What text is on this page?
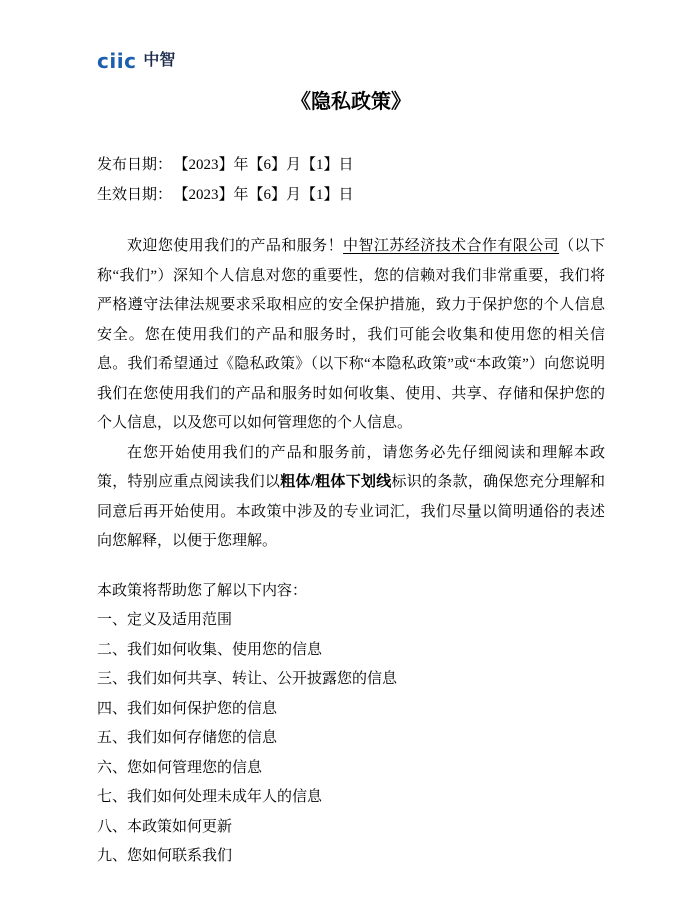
ciic 中智
《隐私政策》

发布日期： 【2023】年【6】月【1】日

生效日期： 【2023】年【6】月【1】日

欢迎您使用我们的产品和服务！中智江苏经济技术合作有限公司（以下称“我们”）深知个人信息对您的重要性，您的信赖对我们非常重要，我们将严格遵守法律法规要求采取相应的安全保护措施，致力于保护您的个人信息安全。您在使用我们的产品和服务时，我们可能会收集和使用您的相关信息。我们希望通过《隐私政策》（以下称“本隐私政策”或“本政策”）向您说明我们在您使用我们的产品和服务时如何收集、使用、共享、存储和保护您的个人信息，以及您可以如何管理您的个人信息。

在您开始使用我们的产品和服务前，请您务必先仔细阅读和理解本政策，特别应重点阅读我们以粗体/粗体下划线标识的条款，确保您充分理解和同意后再开始使用。本政策中涉及的专业词汇，我们尽量以简明通俗的表述向您解释，以便于您理解。

本政策将帮助您了解以下内容：

一、定义及适用范围
二、我们如何收集、使用您的信息
三、我们如何共享、转让、公开披露您的信息
四、我们如何保护您的信息
五、我们如何存储您的信息
六、您如何管理您的信息
七、我们如何处理未成年人的信息
八、本政策如何更新
九、您如何联系我们
